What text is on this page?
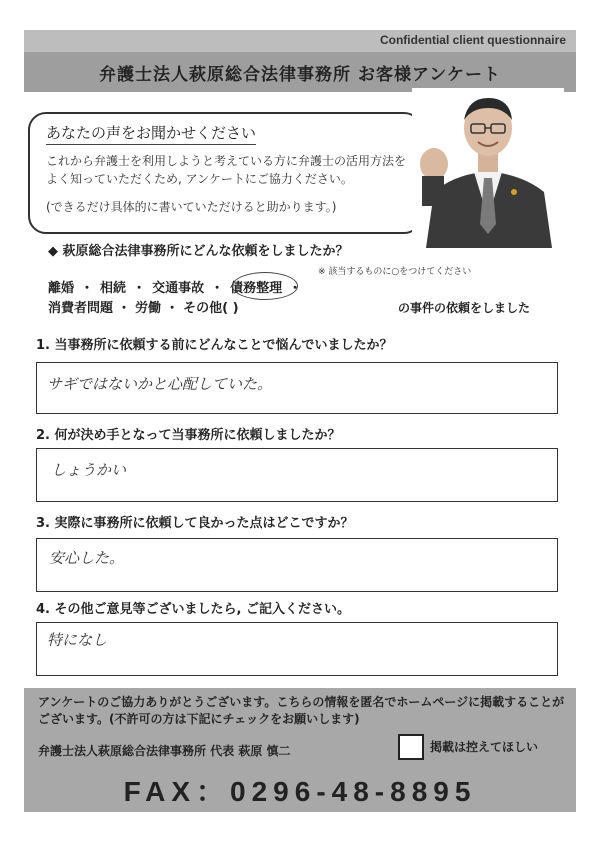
Confidential client questionnaire
弁護士法人萩原総合法律事務所 お客様アンケート
あなたの声をお聞かせください
これから弁護士を利用しようと考えている方に弁護士の活用方法をよく知っていただくため, アンケートにご協力ください。
(できるだけ具体的に書いていただけると助かります。)
◆ 萩原総合法律事務所にどんな依頼をしましたか？
※ 該当するものに○をつけてください
離婚 ・ 相続 ・ 交通事故 ・ 債務整理 ・
消費者問題 ・ 労働 ・ その他( )	の事件の依頼をしました
1. 当事務所に依頼する前にどんなことで悩んでいましたか？
サギではないかと心配していた。
2. 何が決め手となって当事務所に依頼しましたか？
しょうかい
3. 実際に事務所に依頼して良かった点はどこですか？
安心した。
4. その他ご意見等ございましたら, ご記入ください。
特になし
アンケートのご協力ありがとうございます。こちらの情報を匿名でホームページに掲載することがございます。(不許可の方は下記にチェックをお願いします)
弁護士法人萩原総合法律事務所 代表 萩原 慎二	掲載は控えてほしい
FAX：0296-48-8895
